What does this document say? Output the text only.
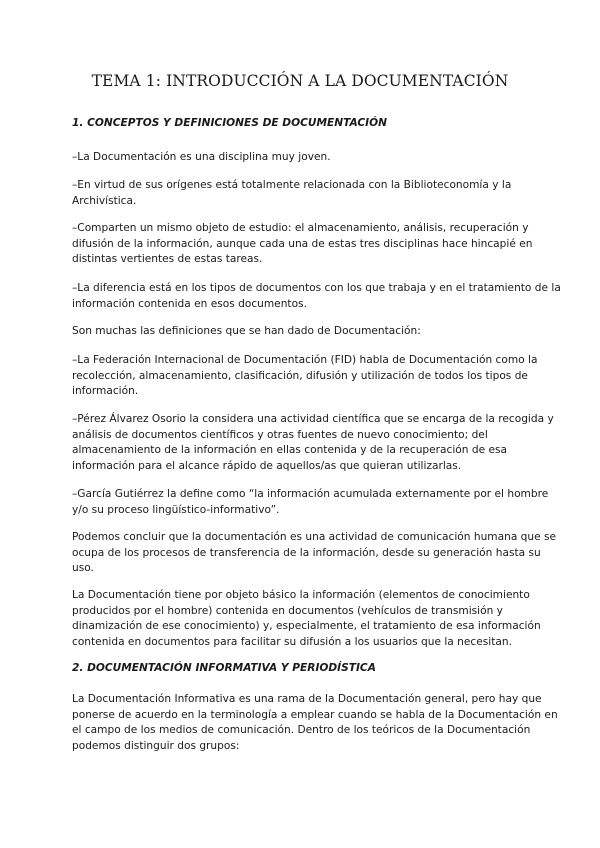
TEMA 1: INTRODUCCIÓN A LA DOCUMENTACIÓN
1. CONCEPTOS Y DEFINICIONES DE DOCUMENTACIÓN
–La Documentación es una disciplina muy joven.
–En virtud de sus orígenes está totalmente relacionada con la Biblioteconomía y la
Archivística.
–Comparten un mismo objeto de estudio: el almacenamiento, análisis, recuperación y
difusión de la información, aunque cada una de estas tres disciplinas hace hincapié en
distintas vertientes de estas tareas.
–La diferencia está en los tipos de documentos con los que trabaja y en el tratamiento de la
información contenida en esos documentos.
Son muchas las definiciones que se han dado de Documentación:
–La Federación Internacional de Documentación (FID) habla de Documentación como la
recolección, almacenamiento, clasificación, difusión y utilización de todos los tipos de
información.
–Pérez Álvarez Osorio la considera una actividad científica que se encarga de la recogida y
análisis de documentos científicos y otras fuentes de nuevo conocimiento; del
almacenamiento de la información en ellas contenida y de la recuperación de esa
información para el alcance rápido de aquellos/as que quieran utilizarlas.
–García Gutiérrez la define como “la información acumulada externamente por el hombre
y/o su proceso lingüístico-informativo”.
Podemos concluir que la documentación es una actividad de comunicación humana que se
ocupa de los procesos de transferencia de la información, desde su generación hasta su
uso.
La Documentación tiene por objeto básico la información (elementos de conocimiento
producidos por el hombre) contenida en documentos (vehículos de transmisión y
dinamización de ese conocimiento) y, especialmente, el tratamiento de esa información
contenida en documentos para facilitar su difusión a los usuarios que la necesitan.
2. DOCUMENTACIÓN INFORMATIVA Y PERIODÍSTICA
La Documentación Informativa es una rama de la Documentación general, pero hay que
ponerse de acuerdo en la terminología a emplear cuando se habla de la Documentación en
el campo de los medios de comunicación. Dentro de los teóricos de la Documentación
podemos distinguir dos grupos:
